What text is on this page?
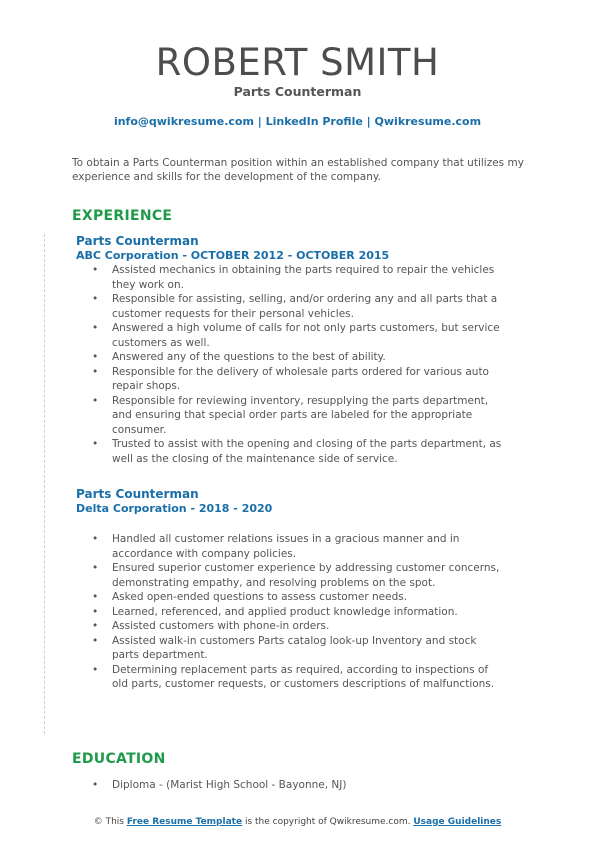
ROBERT SMITH
Parts Counterman
info@qwikresume.com | LinkedIn Profile | Qwikresume.com
To obtain a Parts Counterman position within an established company that utilizes my experience and skills for the development of the company.
EXPERIENCE
Parts Counterman
ABC Corporation - OCTOBER 2012 - OCTOBER 2015
• Assisted mechanics in obtaining the parts required to repair the vehicles they work on.
• Responsible for assisting, selling, and/or ordering any and all parts that a customer requests for their personal vehicles.
• Answered a high volume of calls for not only parts customers, but service customers as well.
• Answered any of the questions to the best of ability.
• Responsible for the delivery of wholesale parts ordered for various auto repair shops.
• Responsible for reviewing inventory, resupplying the parts department, and ensuring that special order parts are labeled for the appropriate consumer.
• Trusted to assist with the opening and closing of the parts department, as well as the closing of the maintenance side of service.
Parts Counterman
Delta Corporation - 2018 - 2020
• Handled all customer relations issues in a gracious manner and in accordance with company policies.
• Ensured superior customer experience by addressing customer concerns, demonstrating empathy, and resolving problems on the spot.
• Asked open-ended questions to assess customer needs.
• Learned, referenced, and applied product knowledge information.
• Assisted customers with phone-in orders.
• Assisted walk-in customers Parts catalog look-up Inventory and stock parts department.
• Determining replacement parts as required, according to inspections of old parts, customer requests, or customers descriptions of malfunctions.
EDUCATION
• Diploma - (Marist High School - Bayonne, NJ)
© This Free Resume Template is the copyright of Qwikresume.com. Usage Guidelines
